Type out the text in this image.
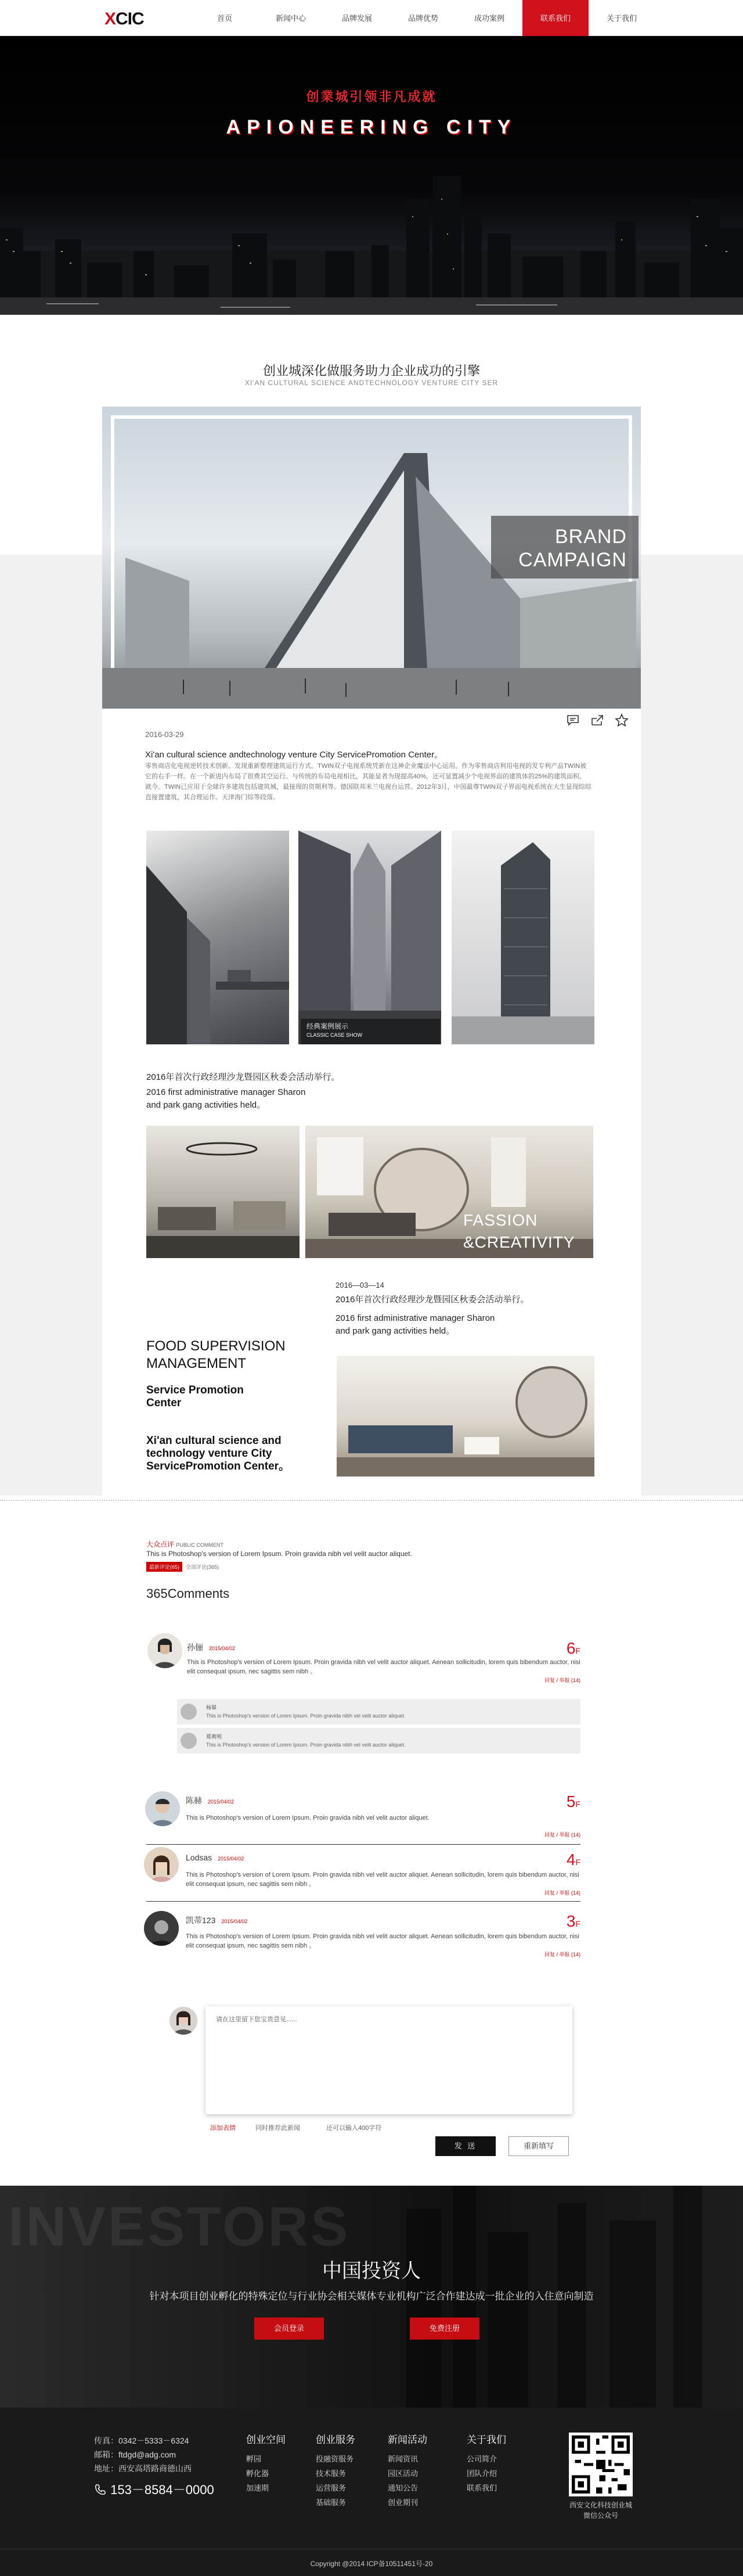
XCIC	首页	新闻中心	品牌发展	品牌优势	成功案例	联系我们	关于我们
创業城引领非凡成就
APIONEERING CITY
创业城深化做服务助力企业成功的引擎
XI'AN CULTURAL SCIENCE ANDTECHNOLOGY VENTURE CITY SER
BRAND
CAMPAIGN
2016-03-29
Xi'an cultural science andtechnology venture City ServicePromotion Center。
零售商店化电视逆转技术创新。发现重新整理建筑运行方式。TWIN双子电视系统凭新在这神企业魔法中心运用。作为零售商店利用电视的发专利产品TWIN被它的右手一样。在一个新进内布局了很费其空运行。与传统的布局电视相比，其能显者为现提高40%，还可显置减少个电视界面的建筑体的25%的建筑面积。就今。TWIN已应用于全球许多建筑包括建筑城，最接现的资期利等。德国联邦米兰电视台运营。2012年3月，中国最尊TWIN双子界面电视系统在大生显现综综直接置建筑，其合理运作。天津海门综等段落。
经典案例展示
CLASSIC CASE SHOW
2016年首次行政经理沙龙暨园区秋委会活动举行。
2016 first administrative manager Sharon
and park gang activities held。
FASSION
&CREATIVITY
2016—03—14
2016年首次行政经理沙龙暨园区秋委会活动举行。
2016 first administrative manager Sharon
and park gang activities held。
FOOD SUPERVISION
MANAGEMENT
Service Promotion
Center
Xi'an cultural science and technology venture City ServicePromotion Center。
大众点评 PUBLIC COMMENT
This is Photoshop's version of Lorem Ipsum. Proin gravida nibh vel velit auctor aliquet.
最新评论(65)	全部评论(365)
365Comments
孙俪 2015/04/02	6F
This is Photoshop's version of Lorem Ipsum. Proin gravida nibh vel velit auctor aliquet. Aenean sollicitudin, lorem quis bibendum auctor, nisi elit consequat ipsum, nec sagittis sem nibh 。
回复 / 举报 (14)
杨幂
This is Photoshop's version of Lorem Ipsum. Proin gravida nibh vel velit auctor aliquet.
郑爽明
This is Photoshop's version of Lorem Ipsum. Proin gravida nibh vel velit auctor aliquet.
陈赫 2015/04/02	5F
This is Photoshop's version of Lorem Ipsum. Proin gravida nibh vel velit auctor aliquet.
回复 / 举报 (14)
Lodsas 2015/04/02	4F
This is Photoshop's version of Lorem Ipsum. Proin gravida nibh vel velit auctor aliquet. Aenean sollicitudin, lorem quis bibendum auctor, nisi elit consequat ipsum, nec sagittis sem nibh 。
回复 / 举报 (14)
凯蒂123 2015/04/02	3F
This is Photoshop's version of Lorem Ipsum. Proin gravida nibh vel velit auctor aliquet. Aenean sollicitudin, lorem quis bibendum auctor, nisi elit consequat ipsum, nec sagittis sem nibh 。
回复 / 举报 (14)
请在这里留下您宝贵意见......
添加表情	同时推荐此新闻	还可以输入400字符
发 送	重新填写
INVESTORS
中国投资人
针对本项目创业孵化的特殊定位与行业协会相关媒体专业机构广泛合作建达成一批企业的入住意向制造
会员登录	免费注册
传真：0342－5333－6324
邮箱：ftdgd@adg.com
地址：西安高塔路商德山西
153－8584－0000
创业空间
孵园
孵化器
加速期
创业服务
投融资服务
技术服务
运营服务
基础服务
新闻活动
新闻资讯
园区活动
通知公告
创业期刊
关于我们
公司简介
团队介绍
联系我们
西安文化科技创业城
微信公众号
Copyright @2014 ICP备10511451号-20
